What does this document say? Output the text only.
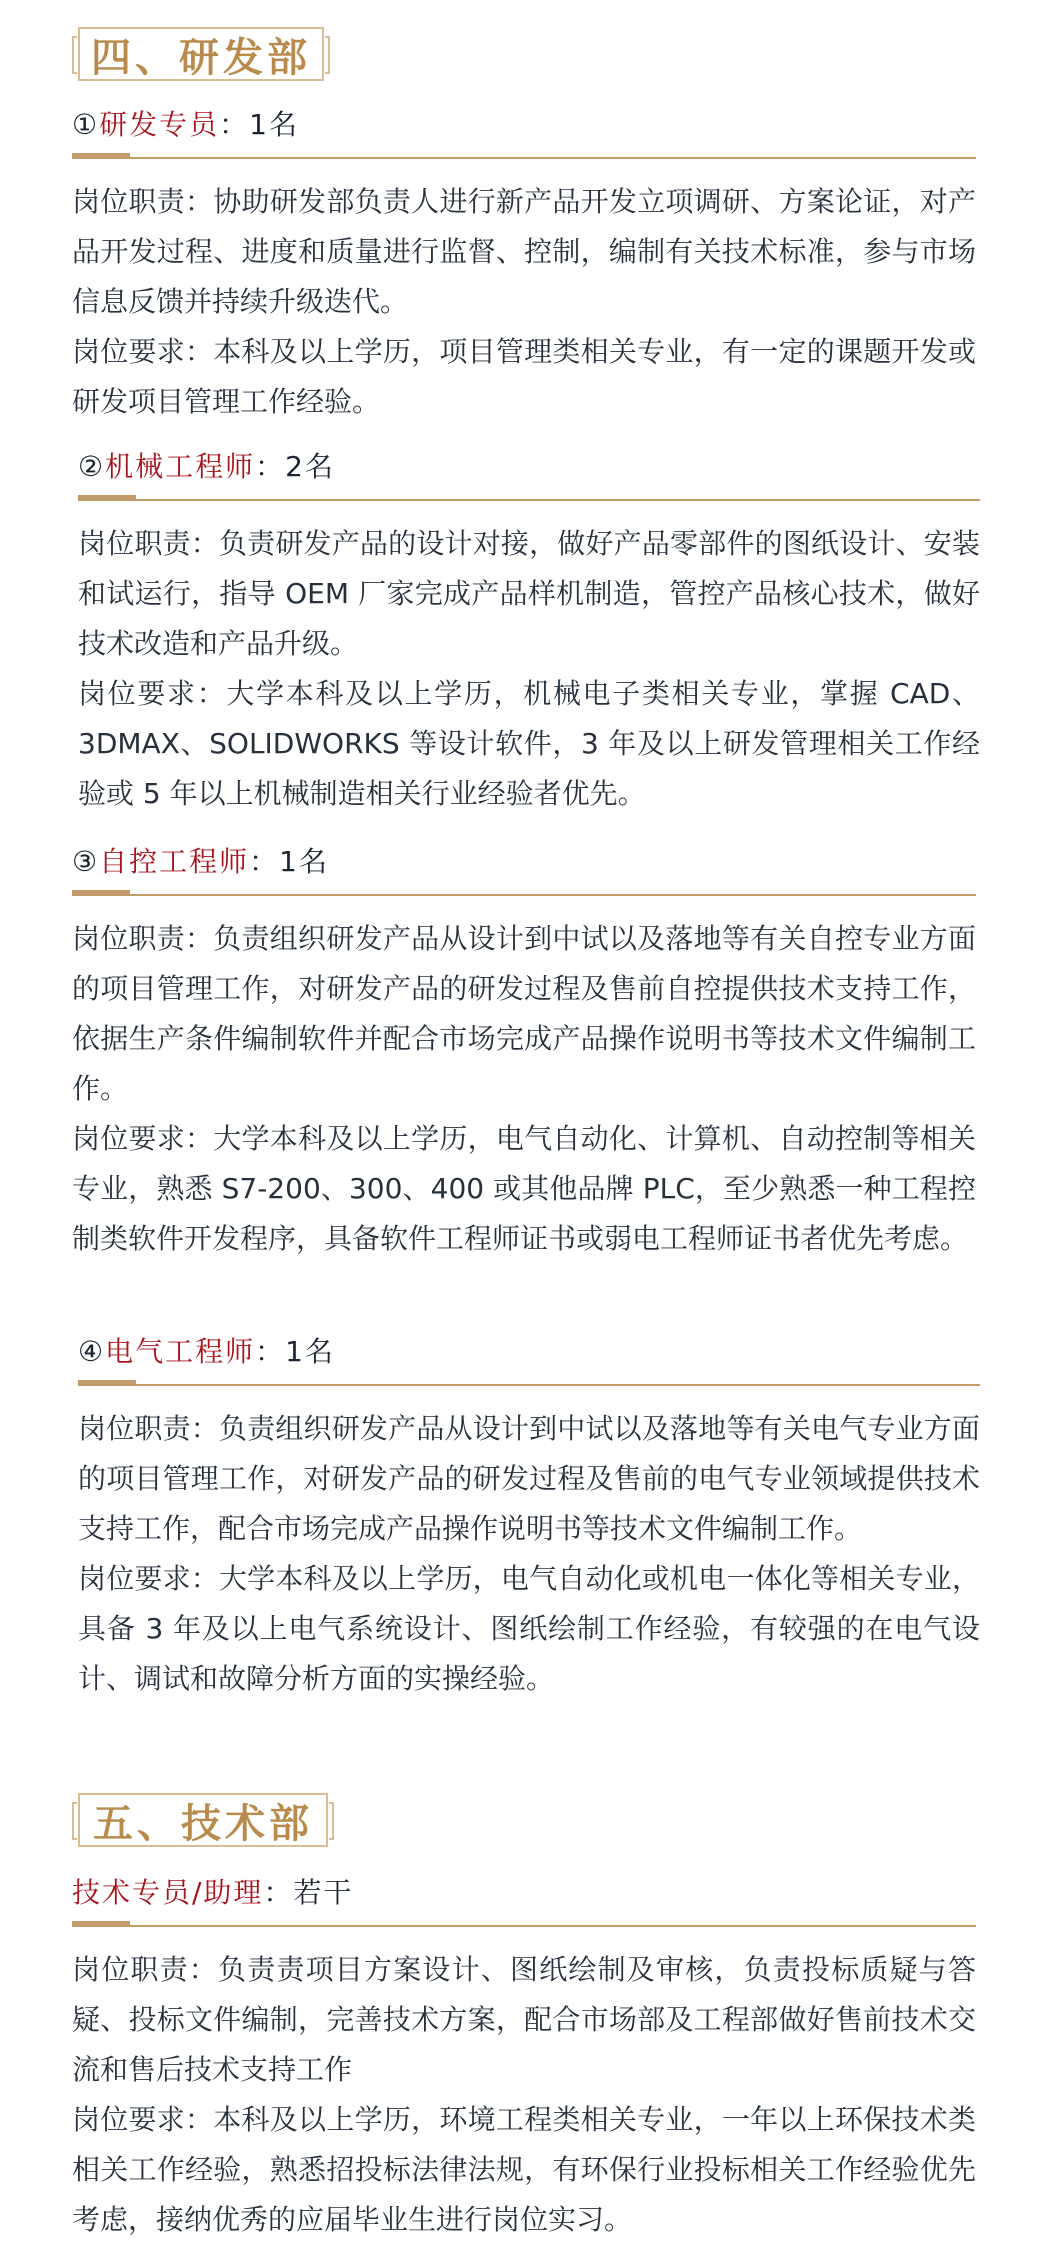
四、研发部
①研发专员：1名

岗位职责：协助研发部负责人进行新产品开发立项调研、方案论证，对产品开发过程、进度和质量进行监督、控制，编制有关技术标准，参与市场信息反馈并持续升级迭代。

岗位要求：本科及以上学历，项目管理类相关专业，有一定的课题开发或研发项目管理工作经验。

②机械工程师：2名

岗位职责：负责研发产品的设计对接，做好产品零部件的图纸设计、安装和试运行，指导 OEM 厂家完成产品样机制造，管控产品核心技术，做好技术改造和产品升级。

岗位要求：大学本科及以上学历，机械电子类相关专业，掌握 CAD、3DMAX、SOLIDWORKS 等设计软件，3 年及以上研发管理相关工作经验或 5 年以上机械制造相关行业经验者优先。

③自控工程师：1名

岗位职责：负责组织研发产品从设计到中试以及落地等有关自控专业方面的项目管理工作，对研发产品的研发过程及售前自控提供技术支持工作，依据生产条件编制软件并配合市场完成产品操作说明书等技术文件编制工作。

岗位要求：大学本科及以上学历，电气自动化、计算机、自动控制等相关专业，熟悉 S7-200、300、400 或其他品牌 PLC，至少熟悉一种工程控制类软件开发程序，具备软件工程师证书或弱电工程师证书者优先考虑。

④电气工程师：1名

岗位职责：负责组织研发产品从设计到中试以及落地等有关电气专业方面的项目管理工作，对研发产品的研发过程及售前的电气专业领域提供技术支持工作，配合市场完成产品操作说明书等技术文件编制工作。

岗位要求：大学本科及以上学历，电气自动化或机电一体化等相关专业，具备 3 年及以上电气系统设计、图纸绘制工作经验，有较强的在电气设计、调试和故障分析方面的实操经验。

五、技术部
技术专员/助理：若干

岗位职责：负责责项目方案设计、图纸绘制及审核，负责投标质疑与答疑、投标文件编制，完善技术方案，配合市场部及工程部做好售前技术交流和售后技术支持工作

岗位要求：本科及以上学历，环境工程类相关专业，一年以上环保技术类相关工作经验，熟悉招投标法律法规，有环保行业投标相关工作经验优先考虑，接纳优秀的应届毕业生进行岗位实习。
